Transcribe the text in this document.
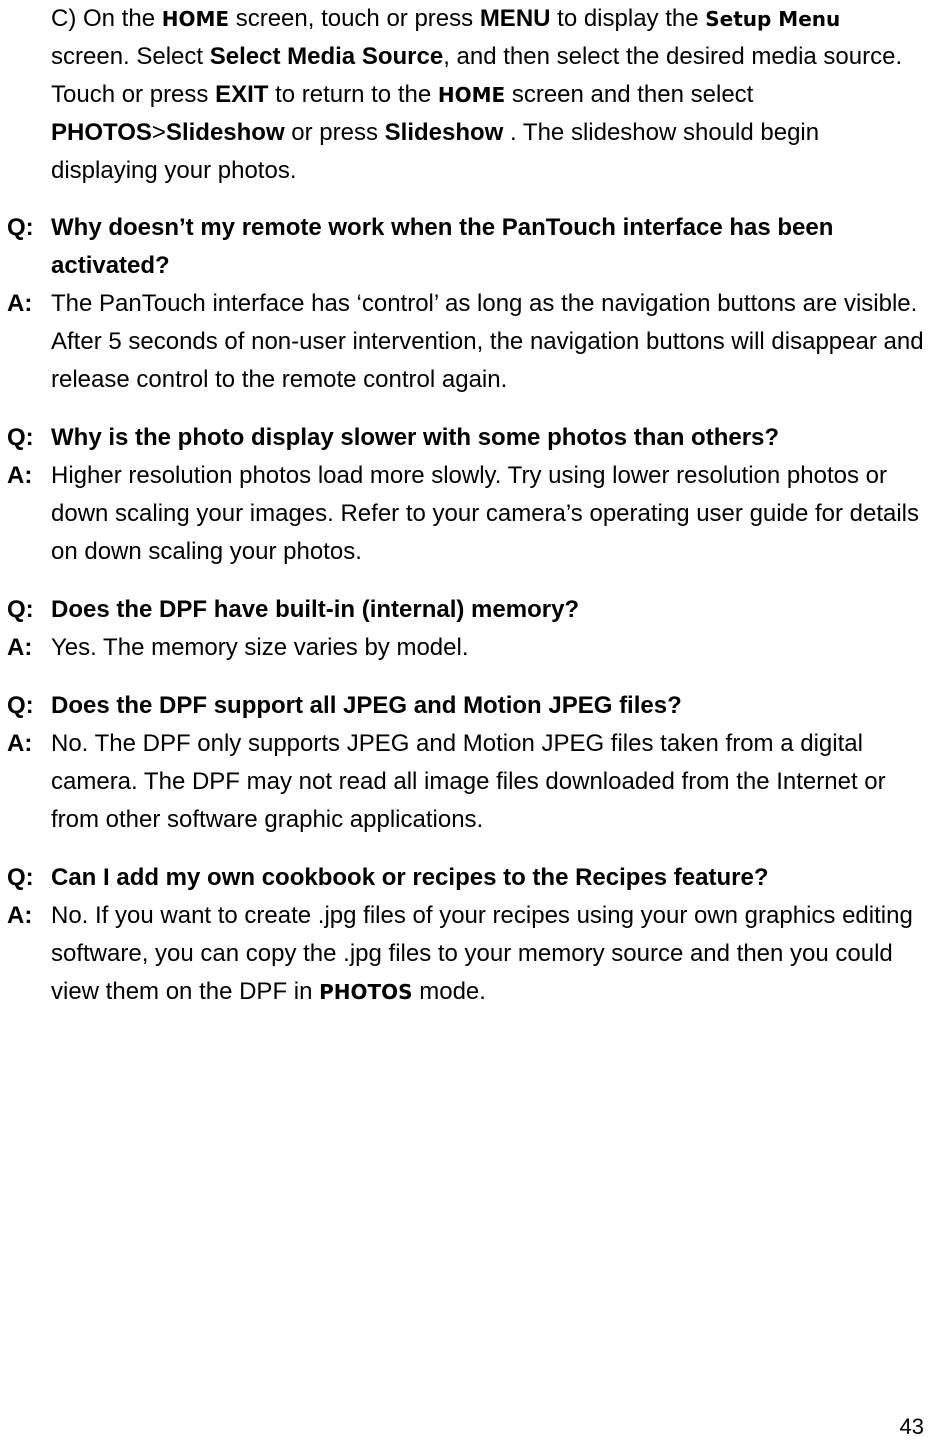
C) On the HOME screen, touch or press MENU to display the Setup Menu screen. Select Select Media Source, and then select the desired media source. Touch or press EXIT to return to the HOME screen and then select PHOTOS>Slideshow or press Slideshow . The slideshow should begin displaying your photos.
Q: Why doesn’t my remote work when the PanTouch interface has been activated?
A: The PanTouch interface has ‘control’ as long as the navigation buttons are visible. After 5 seconds of non-user intervention, the navigation buttons will disappear and release control to the remote control again.
Q: Why is the photo display slower with some photos than others?
A: Higher resolution photos load more slowly. Try using lower resolution photos or down scaling your images. Refer to your camera’s operating user guide for details on down scaling your photos.
Q: Does the DPF have built-in (internal) memory?
A: Yes. The memory size varies by model.
Q: Does the DPF support all JPEG and Motion JPEG files?
A: No. The DPF only supports JPEG and Motion JPEG files taken from a digital camera. The DPF may not read all image files downloaded from the Internet or from other software graphic applications.
Q: Can I add my own cookbook or recipes to the Recipes feature?
A: No. If you want to create .jpg files of your recipes using your own graphics editing software, you can copy the .jpg files to your memory source and then you could view them on the DPF in PHOTOS mode.
43
